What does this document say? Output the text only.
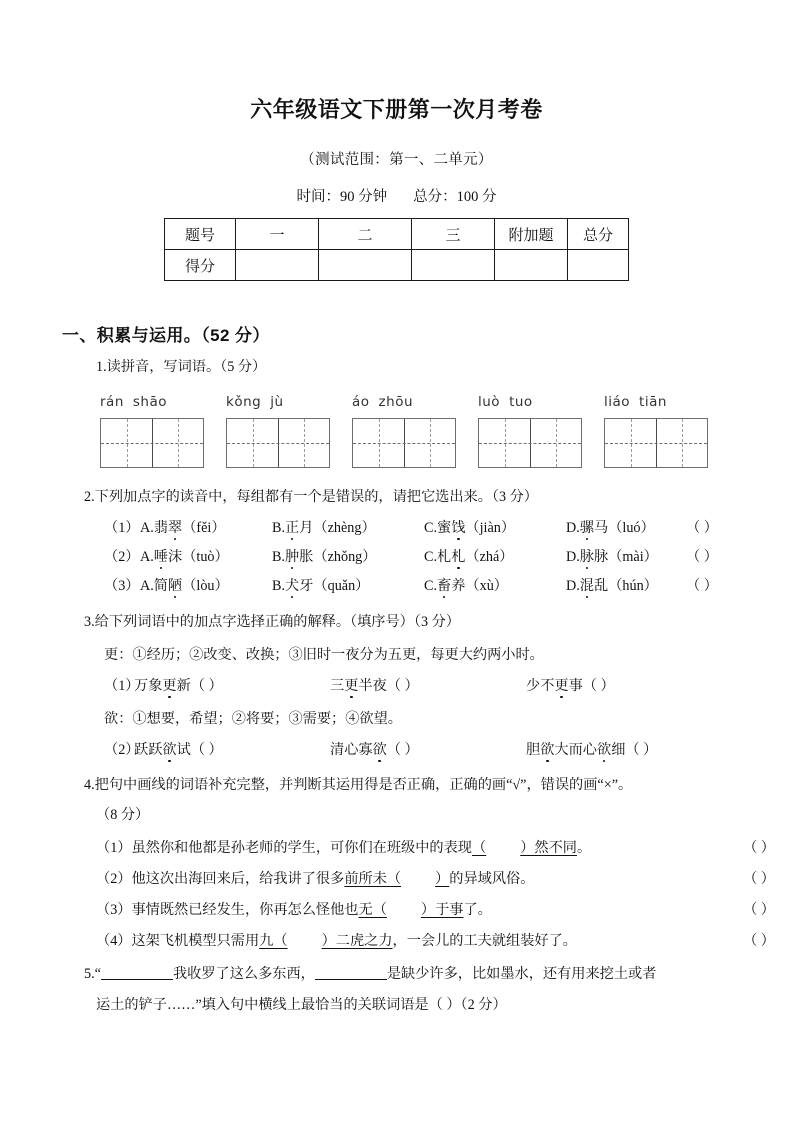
六年级语文下册第一次月考卷

（测试范围：第一、二单元）

时间：90 分钟 总分：100 分

题号	一	二	三	附加题	总分
得分					
一、积累与运用。（52 分）

1.读拼音，写词语。（5 分）

rán shāo	kǒng jù	áo zhōu	luò tuo	liáo tiān

2.下列加点字的读音中，每组都有一个是错误的，请把它选出来。（3 分）

（1） A.翡翠（fěi）	B.正月（zhèng）	C.蜜饯（jiàn）	D.骡马（luó）	（ ）
（2） A.唾沫（tuò）	B.肿胀（zhǒng）	C.札札（zhá）	D.脉脉（mài）	（ ）
（3） A.简陋（lòu）	B.犬牙（quǎn）	C.畜养（xù）	D.混乱（hún）	（ ）

3.给下列词语中的加点字选择正确的解释。（填序号）（3 分）

更：①经历；②改变、改换；③旧时一夜分为五更，每更大约两小时。

（1）
万象更新（ ）	三更半夜（ ）	少不更事（ ）

欲：①想要，希望；②将要；③需要；④欲望。

（2）
跃跃欲试（ ）	清心寡欲（ ）	胆欲大而心欲细（ ）

4.把句中画线的词语补充完整，并判断其运用得是否正确，正确的画“√”，错误的画“×”。

（8 分）

（1）虽然你和他都是孙老师的学生，可你们在班级中的表现（ ）然不同。	（ ）
（2）他这次出海回来后，给我讲了很多前所未（ ）的异域风俗。	（ ）
（3）事情既然已经发生，你再怎么怪他也无（ ）于事了。	（ ）
（4）这架飞机模型只需用九（ ）二虎之力，一会儿的工夫就组装好了。	（ ）

5.“	我收罗了这么多东西，	是缺少许多，比如墨水，还有用来挖土或者

运土的铲子……”填入句中横线上最恰当的关联词语是（ ）（2 分）
